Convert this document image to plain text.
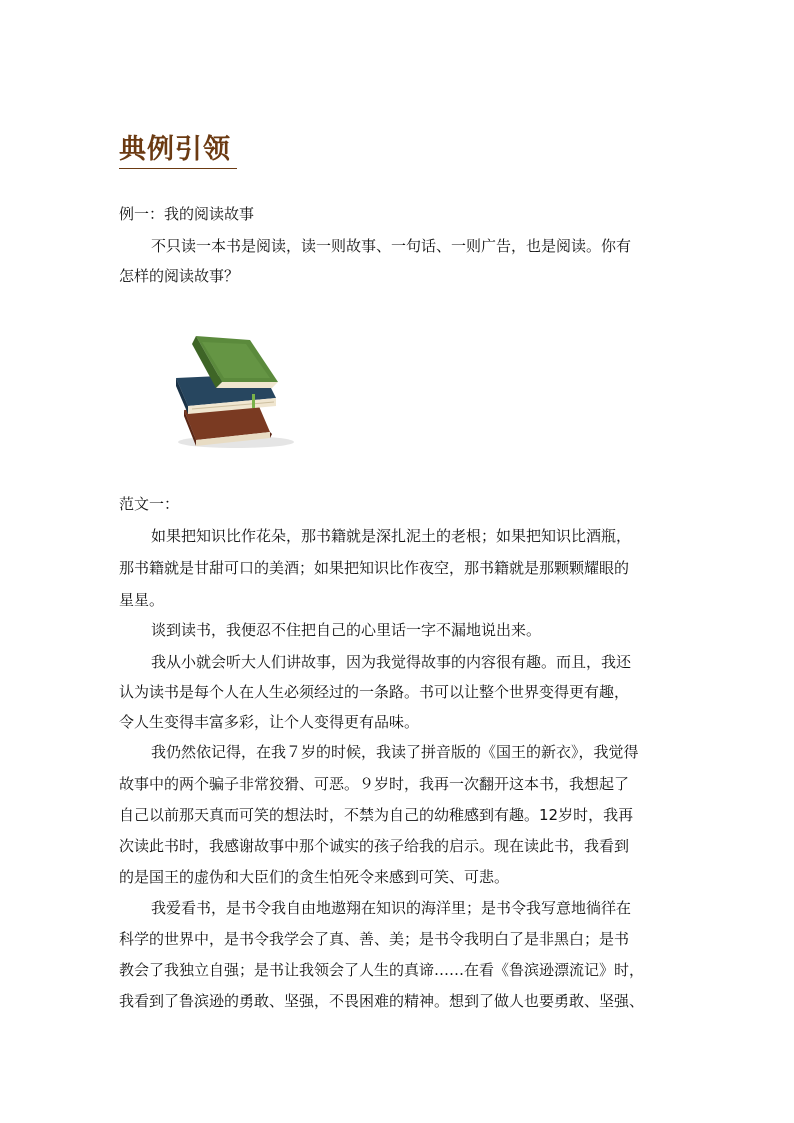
典例引领
例一：我的阅读故事
不只读一本书是阅读，读一则故事、一句话、一则广告，也是阅读。你有
怎样的阅读故事？
范文一：
如果把知识比作花朵，那书籍就是深扎泥土的老根；如果把知识比酒瓶，
那书籍就是甘甜可口的美酒；如果把知识比作夜空，那书籍就是那颗颗耀眼的
星星。
谈到读书，我便忍不住把自己的心里话一字不漏地说出来。
我从小就会听大人们讲故事，因为我觉得故事的内容很有趣。而且，我还
认为读书是每个人在人生必须经过的一条路。书可以让整个世界变得更有趣，
令人生变得丰富多彩，让个人变得更有品味。
我仍然依记得，在我７岁的时候，我读了拼音版的《国王的新衣》，我觉得
故事中的两个骗子非常狡猾、可恶。９岁时，我再一次翻开这本书，我想起了
自己以前那天真而可笑的想法时，不禁为自己的幼稚感到有趣。12岁时，我再
次读此书时，我感谢故事中那个诚实的孩子给我的启示。现在读此书，我看到
的是国王的虚伪和大臣们的贪生怕死令来感到可笑、可悲。
我爱看书，是书令我自由地遨翔在知识的海洋里；是书令我写意地徜徉在
科学的世界中，是书令我学会了真、善、美；是书令我明白了是非黑白；是书
教会了我独立自强；是书让我领会了人生的真谛……在看《鲁滨逊漂流记》时，
我看到了鲁滨逊的勇敢、坚强，不畏困难的精神。想到了做人也要勇敢、坚强、
